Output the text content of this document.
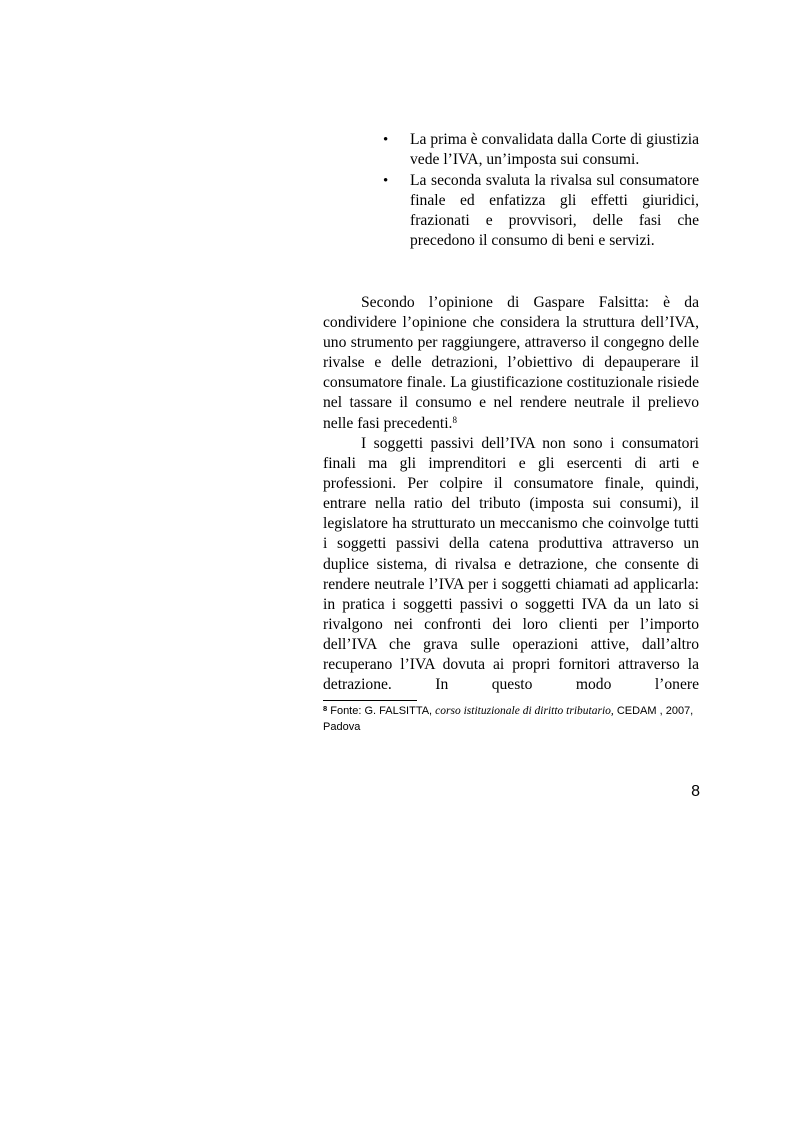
• La prima è convalidata dalla Corte di giustizia vede l’IVA, un’imposta sui consumi.
• La seconda svaluta la rivalsa sul consumatore finale ed enfatizza gli effetti giuridici, frazionati e provvisori, delle fasi che precedono il consumo di beni e servizi.

Secondo l’opinione di Gaspare Falsitta: è da condividere l’opinione che considera la struttura dell’IVA, uno strumento per raggiungere, attraverso il congegno delle rivalse e delle detrazioni, l’obiettivo di depauperare il consumatore finale. La giustificazione costituzionale risiede nel tassare il consumo e nel rendere neutrale il prelievo nelle fasi precedenti.$^8$

I soggetti passivi dell’IVA non sono i consumatori finali ma gli imprenditori e gli esercenti di arti e professioni. Per colpire il consumatore finale, quindi, entrare nella ratio del tributo (imposta sui consumi), il legislatore ha strutturato un meccanismo che coinvolge tutti i soggetti passivi della catena produttiva attraverso un duplice sistema, di rivalsa e detrazione, che consente di rendere neutrale l’IVA per i soggetti chiamati ad applicarla: in pratica i soggetti passivi o soggetti IVA da un lato si rivalgono nei confronti dei loro clienti per l’importo dell’IVA che grava sulle operazioni attive, dall’altro recuperano l’IVA dovuta ai propri fornitori attraverso la detrazione. In questo modo l’onere

$^8$ Fonte: G. FALSITTA, corso istituzionale di diritto tributario, CEDAM , 2007, Padova
8
